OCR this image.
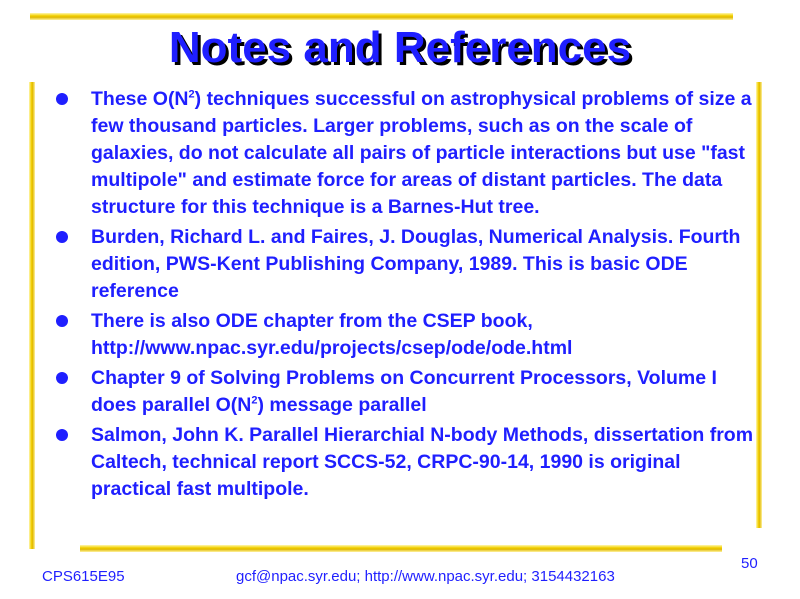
Notes and References
These $O(N^2)$ techniques successful on astrophysical problems of size a few thousand particles. Larger problems, such as on the scale of galaxies, do not calculate all pairs of particle interactions but use "fast multipole" and estimate force for areas of distant particles. The data structure for this technique is a Barnes-Hut tree.
Burden, Richard L. and Faires, J. Douglas, Numerical Analysis. Fourth edition, PWS-Kent Publishing Company, 1989. This is basic ODE reference
There is also ODE chapter from the CSEP book, http://www.npac.syr.edu/projects/csep/ode/ode.html
Chapter 9 of Solving Problems on Concurrent Processors, Volume I does parallel $O(N^2)$ message parallel
Salmon, John K. Parallel Hierarchial N-body Methods, dissertation from Caltech, technical report SCCS-52, CRPC-90-14, 1990 is original practical fast multipole.
CPS615E95	gcf@npac.syr.edu; http://www.npac.syr.edu; 3154432163
50
